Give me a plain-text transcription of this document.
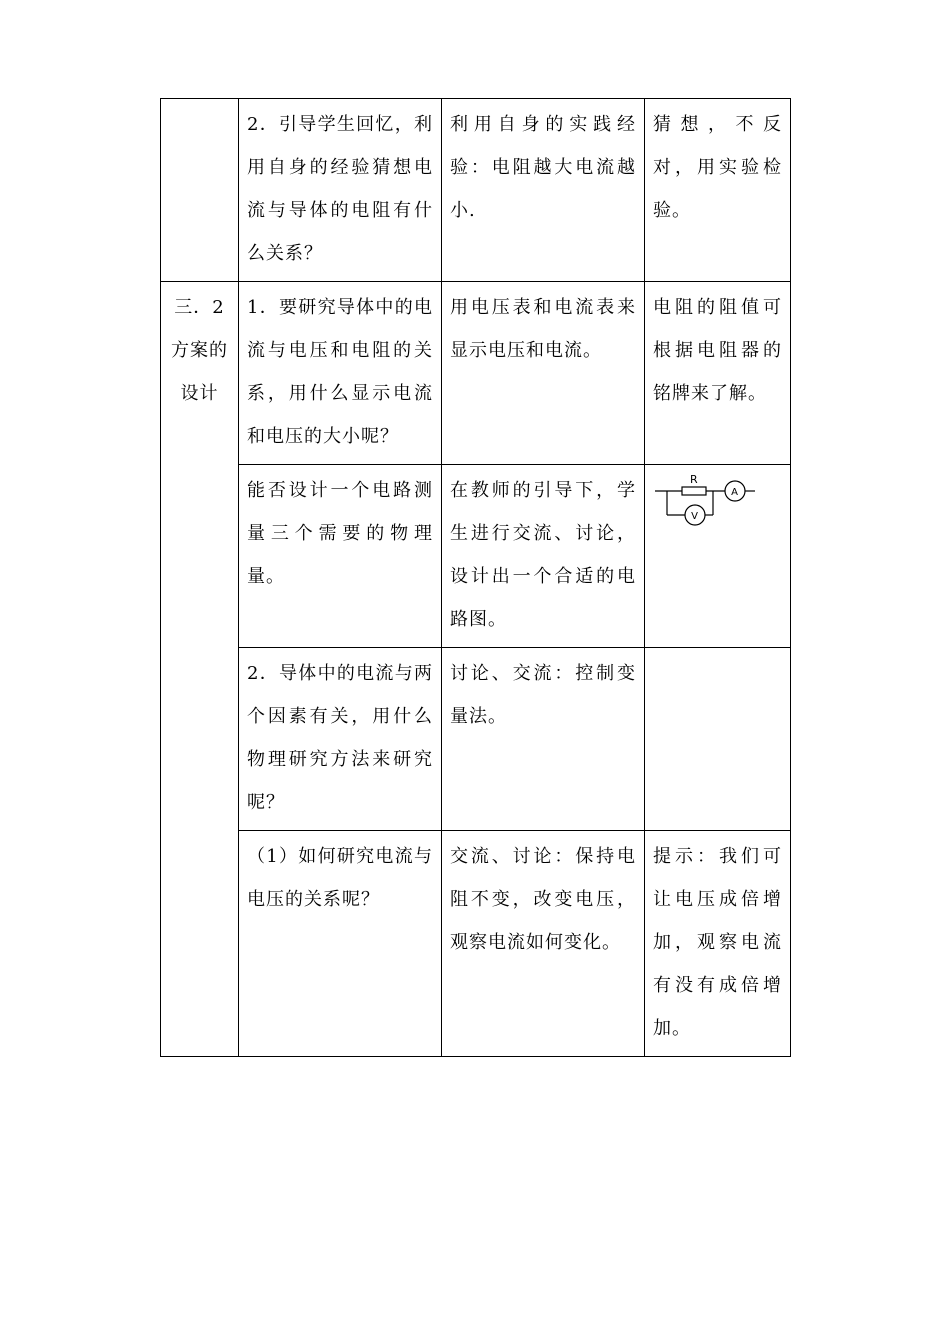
	2．引导学生回忆，利用自身的经验猜想电流与导体的电阻有什么关系？	利用自身的实践经验：电阻越大电流越小.	猜想，不反对，用实验检验。
三．2方案的设计	1．要研究导体中的电流与电压和电阻的关系，用什么显示电流和电压的大小呢？	用电压表和电流表来显示电压和电流。	电阻的阻值可根据电阻器的铭牌来了解。
	能否设计一个电路测量三个需要的物理量。	在教师的引导下，学生进行交流、讨论，设计出一个合适的电路图。	R
A
V

	2．导体中的电流与两个因素有关，用什么物理研究方法来研究呢？	讨论、交流：控制变量法。	
	（1）如何研究电流与电压的关系呢？	交流、讨论：保持电阻不变，改变电压，观察电流如何变化。	提示：我们可让电压成倍增加，观察电流有没有成倍增加。
